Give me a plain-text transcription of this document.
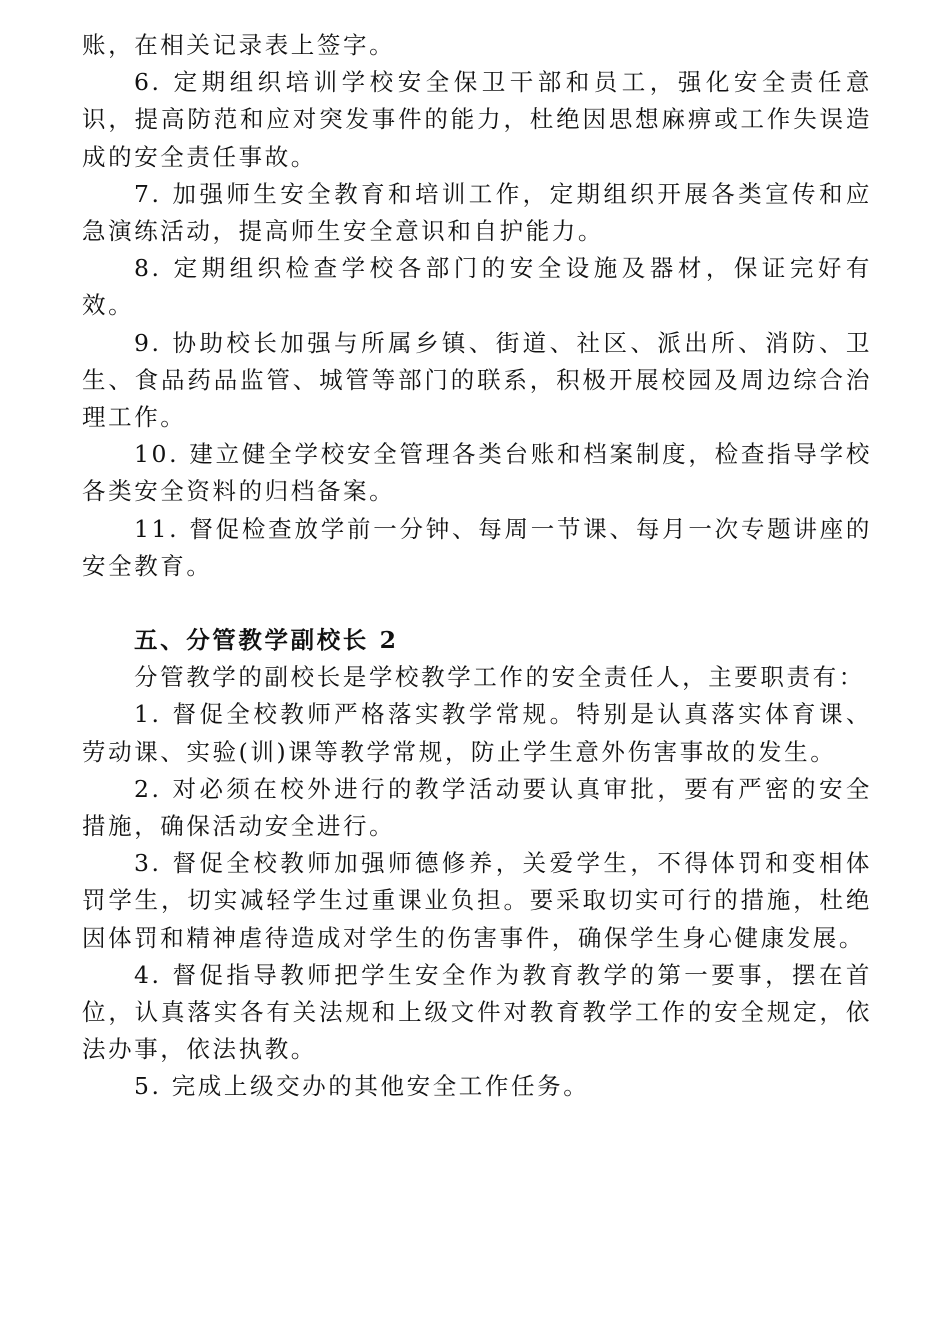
账，在相关记录表上签字。

6. 定期组织培训学校安全保卫干部和员工，强化安全责任意识，提高防范和应对突发事件的能力，杜绝因思想麻痹或工作失误造成的安全责任事故。

7. 加强师生安全教育和培训工作，定期组织开展各类宣传和应急演练活动，提高师生安全意识和自护能力。

8. 定期组织检查学校各部门的安全设施及器材，保证完好有效。

9. 协助校长加强与所属乡镇、街道、社区、派出所、消防、卫生、食品药品监管、城管等部门的联系，积极开展校园及周边综合治理工作。

10. 建立健全学校安全管理各类台账和档案制度，检查指导学校各类安全资料的归档备案。

11. 督促检查放学前一分钟、每周一节课、每月一次专题讲座的安全教育。

五、分管教学副校长 2

分管教学的副校长是学校教学工作的安全责任人，主要职责有：

1. 督促全校教师严格落实教学常规。特别是认真落实体育课、劳动课、实验(训)课等教学常规，防止学生意外伤害事故的发生。

2. 对必须在校外进行的教学活动要认真审批，要有严密的安全措施，确保活动安全进行。

3. 督促全校教师加强师德修养，关爱学生，不得体罚和变相体罚学生，切实减轻学生过重课业负担。要采取切实可行的措施，杜绝因体罚和精神虐待造成对学生的伤害事件，确保学生身心健康发展。

4. 督促指导教师把学生安全作为教育教学的第一要事，摆在首位，认真落实各有关法规和上级文件对教育教学工作的安全规定，依法办事，依法执教。

5. 完成上级交办的其他安全工作任务。
